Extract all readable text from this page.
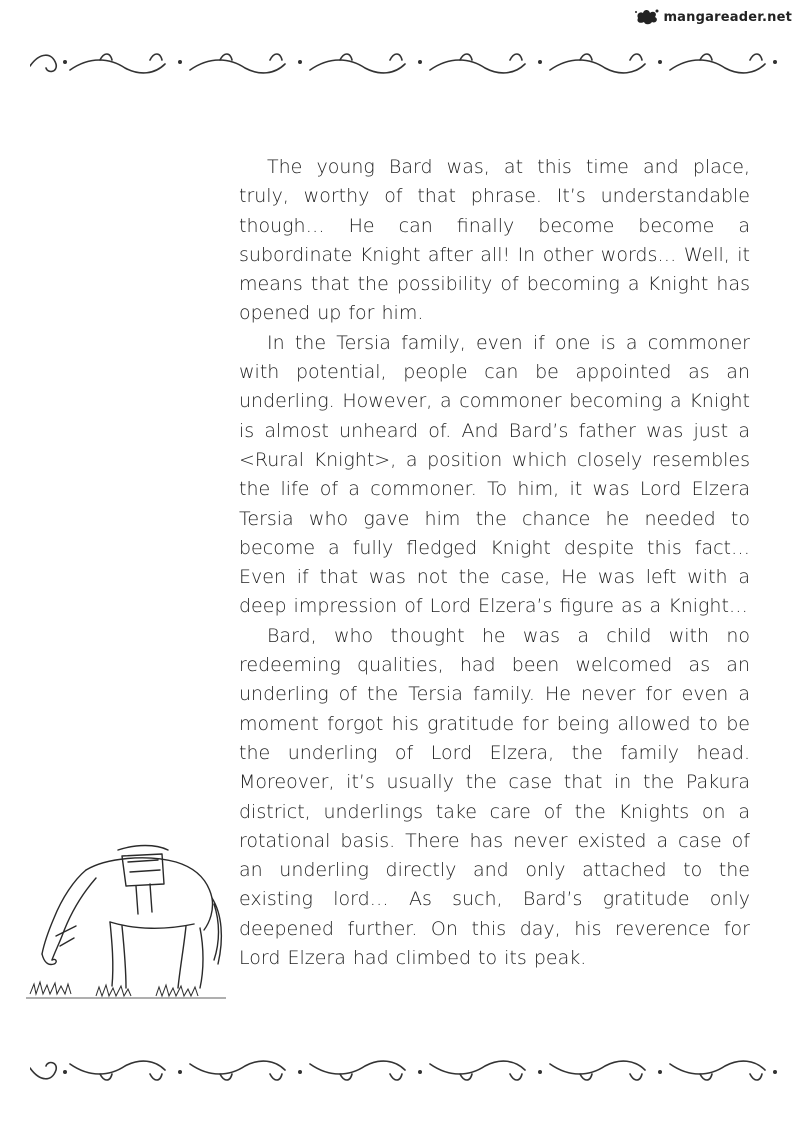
mangareader.net

The young Bard was, at this time and place, truly, worthy of that phrase. It’s understandable though… He can finally become become a subordinate Knight after all! In other words… Well, it means that the possibility of becoming a Knight has opened up for him.

In the Tersia family, even if one is a commoner with potential, people can be appointed as an underling. However, a commoner becoming a Knight is almost unheard of. And Bard’s father was just a <Rural Knight>, a position which closely resembles the life of a commoner. To him, it was Lord Elzera Tersia who gave him the chance he needed to become a fully fledged Knight despite this fact… Even if that was not the case, He was left with a deep impression of Lord Elzera’s figure as a Knight…

Bard, who thought he was a child with no redeeming qualities, had been welcomed as an underling of the Tersia family. He never for even a moment forgot his gratitude for being allowed to be the underling of Lord Elzera, the family head. Moreover, it’s usually the case that in the Pakura district, underlings take care of the Knights on a rotational basis. There has never existed a case of an underling directly and only attached to the existing lord… As such, Bard’s gratitude only deepened further. On this day, his reverence for Lord Elzera had climbed to its peak.
